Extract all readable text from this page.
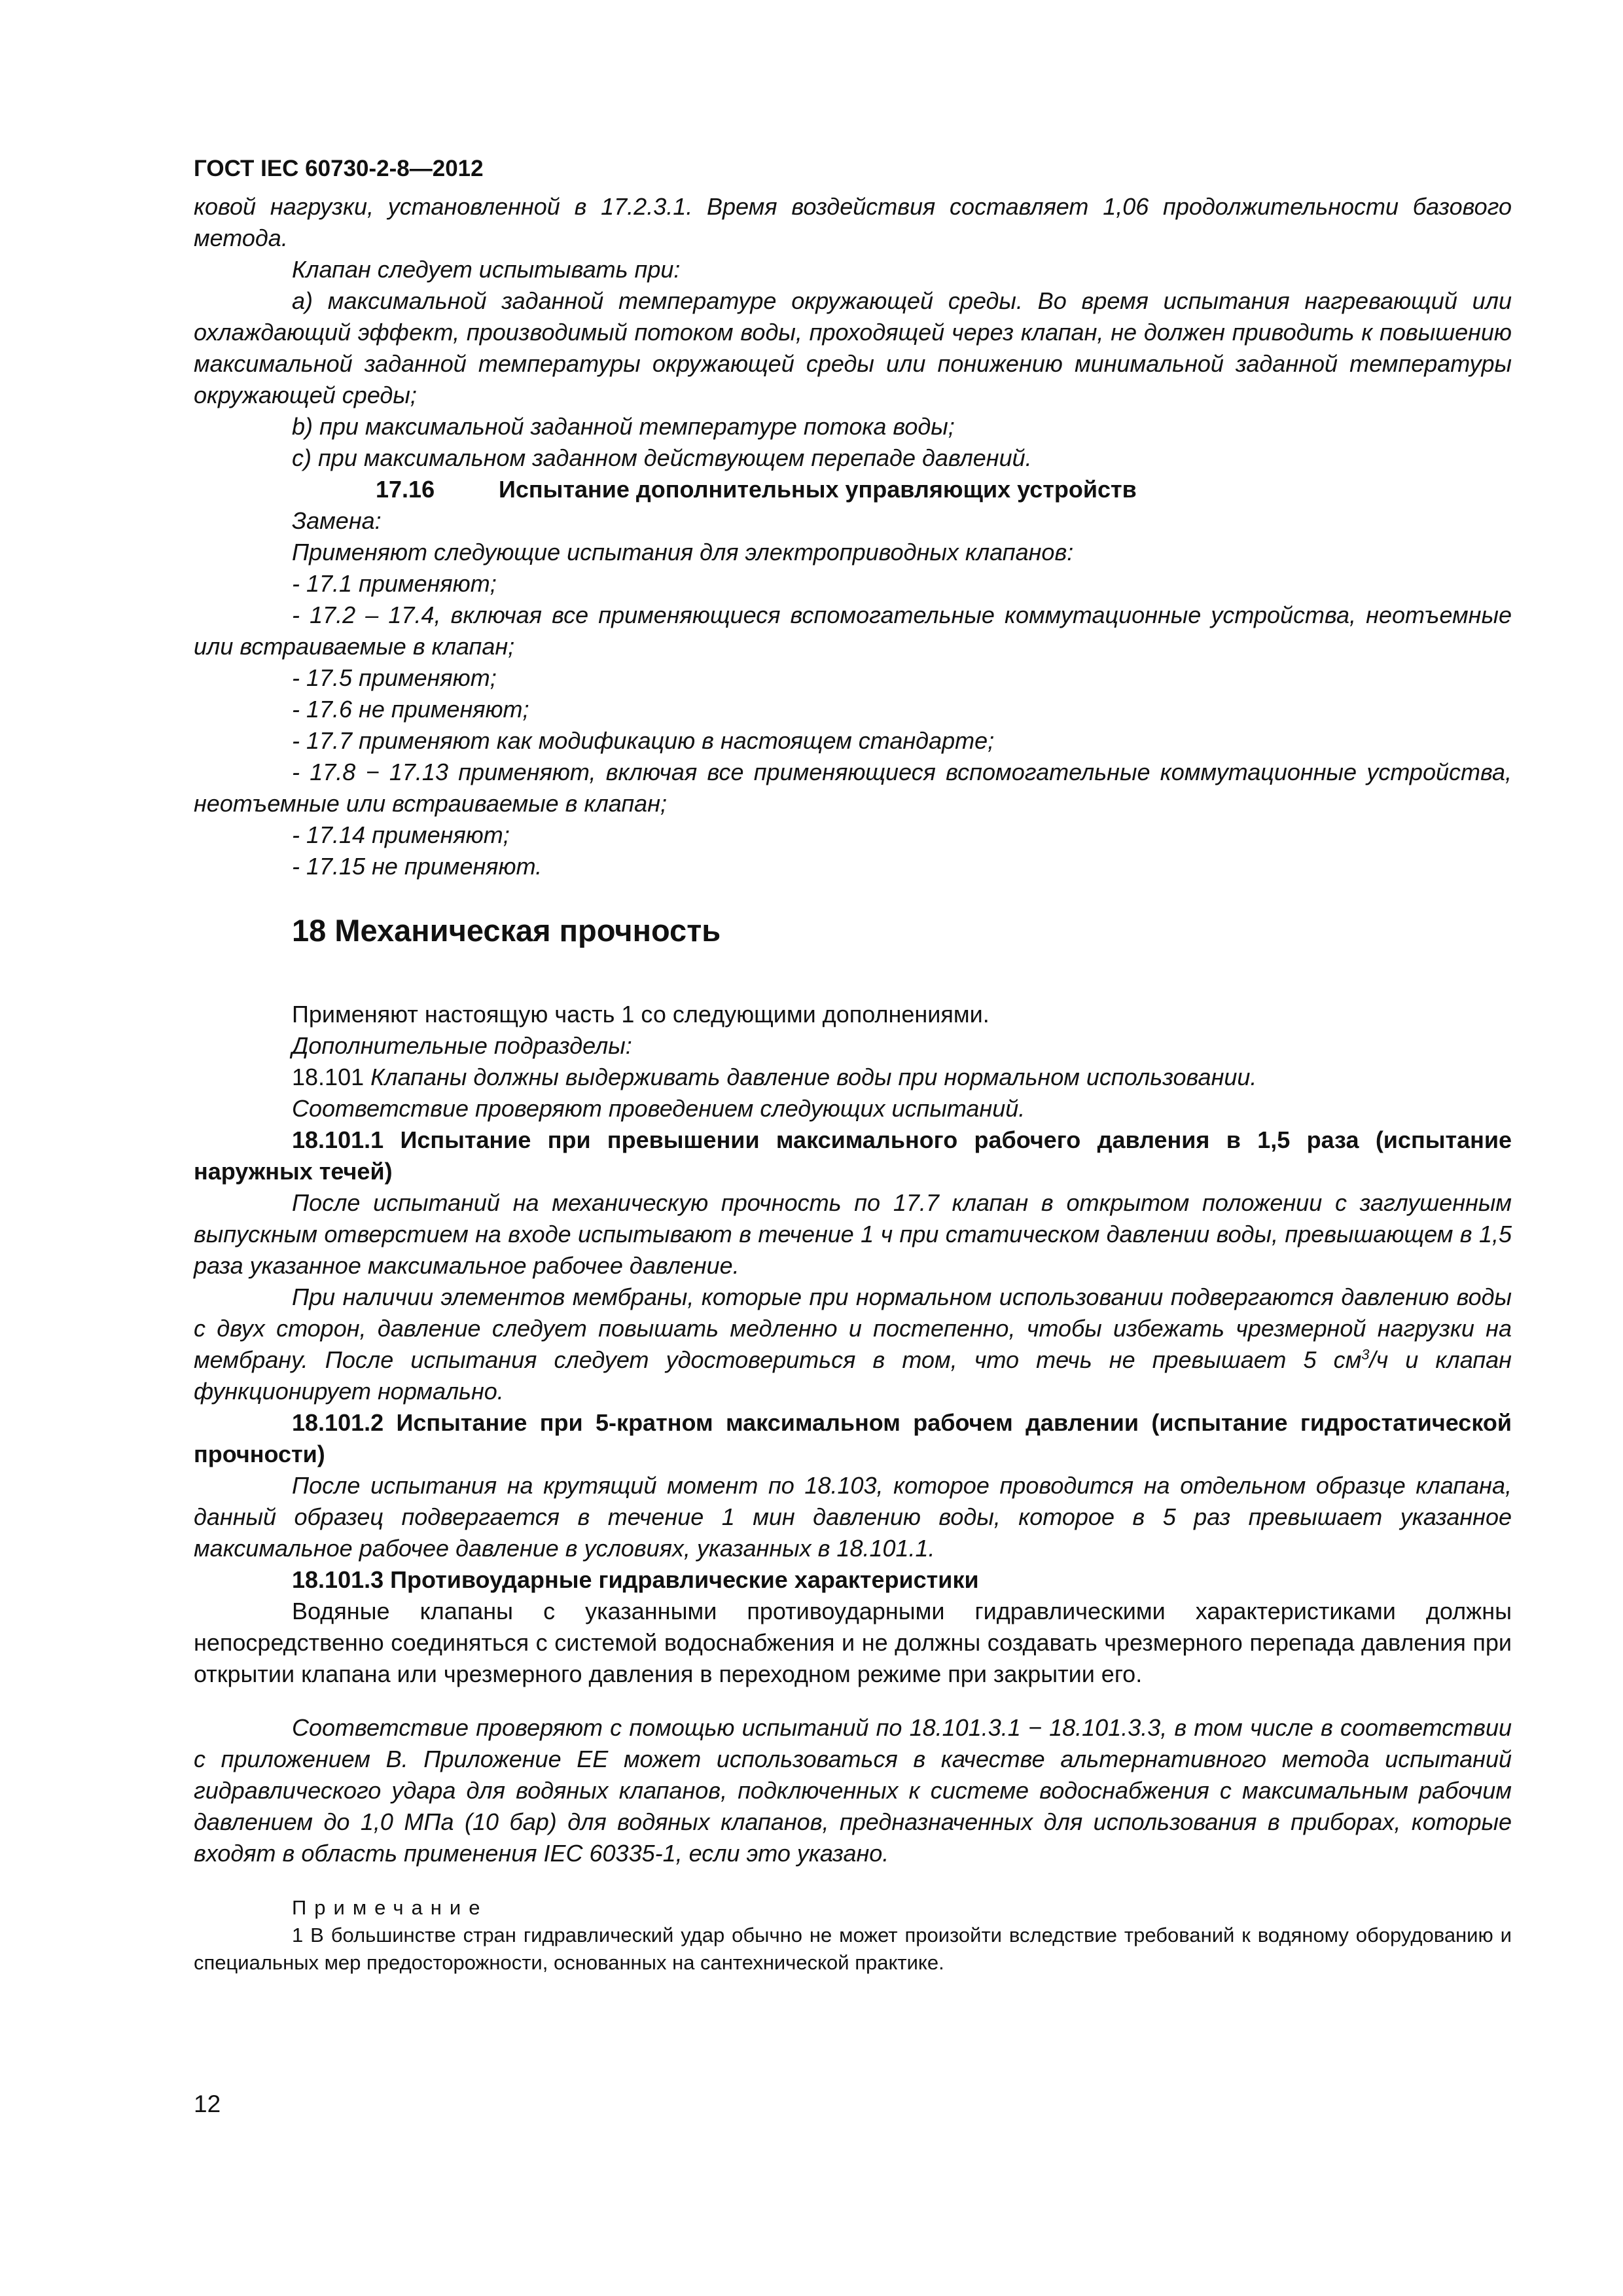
ГОСТ IEC 60730-2-8—2012

ковой нагрузки, установленной в 17.2.3.1. Время воздействия составляет 1,06 продолжительности базового метода.

Клапан следует испытывать при:

a) максимальной заданной температуре окружающей среды. Во время испытания нагревающий или охлаждающий эффект, производимый потоком воды, проходящей через клапан, не должен приводить к повышению максимальной заданной температуры окружающей среды или понижению минимальной заданной температуры окружающей среды;

b) при максимальной заданной температуре потока воды;

c) при максимальном заданном действующем перепаде давлений.

17.16	Испытание дополнительных управляющих устройств

Замена:

Применяют следующие испытания для электроприводных клапанов:

- 17.1 применяют;

- 17.2 – 17.4, включая все применяющиеся вспомогательные коммутационные устройства, неотъемные или встраиваемые в клапан;

- 17.5 применяют;

- 17.6 не применяют;

- 17.7 применяют как модификацию в настоящем стандарте;

- 17.8 − 17.13 применяют, включая все применяющиеся вспомогательные коммутационные устройства, неотъемные или встраиваемые в клапан;

- 17.14 применяют;

- 17.15 не применяют.

18 Механическая прочность

Применяют настоящую часть 1 со следующими дополнениями.

Дополнительные подразделы:

18.101 Клапаны должны выдерживать давление воды при нормальном использовании.

Соответствие проверяют проведением следующих испытаний.

18.101.1 Испытание при превышении максимального рабочего давления в 1,5 раза (испытание наружных течей)

После испытаний на механическую прочность по 17.7 клапан в открытом положении с заглушенным выпускным отверстием на входе испытывают в течение 1 ч при статическом давлении воды, превышающем в 1,5 раза указанное максимальное рабочее давление.

При наличии элементов мембраны, которые при нормальном использовании подвергаются давлению воды с двух сторон, давление следует повышать медленно и постепенно, чтобы избежать чрезмерной нагрузки на мембрану. После испытания следует удостовериться в том, что течь не превышает 5 $см^3/ч$ и клапан функционирует нормально.

18.101.2 Испытание при 5-кратном максимальном рабочем давлении (испытание гидростатической прочности)

После испытания на крутящий момент по 18.103, которое проводится на отдельном образце клапана, данный образец подвергается в течение 1 мин давлению воды, которое в 5 раз превышает указанное максимальное рабочее давление в условиях, указанных в 18.101.1.

18.101.3 Противоударные гидравлические характеристики

Водяные клапаны с указанными противоударными гидравлическими характеристиками должны непосредственно соединяться с системой водоснабжения и не должны создавать чрезмерного перепада давления при открытии клапана или чрезмерного давления в переходном режиме при закрытии его.

Соответствие проверяют с помощью испытаний по 18.101.3.1 − 18.101.3.3, в том числе в соответствии с приложением B. Приложение EE может использоваться в качестве альтернативного метода испытаний гидравлического удара для водяных клапанов, подключенных к системе водоснабжения с максимальным рабочим давлением до 1,0 МПа (10 бар) для водяных клапанов, предназначенных для использования в приборах, которые входят в область применения IEC 60335-1, если это указано.

Примечание

1 В большинстве стран гидравлический удар обычно не может произойти вследствие требований к водяному оборудованию и специальных мер предосторожности, основанных на сантехнической практике.

12
